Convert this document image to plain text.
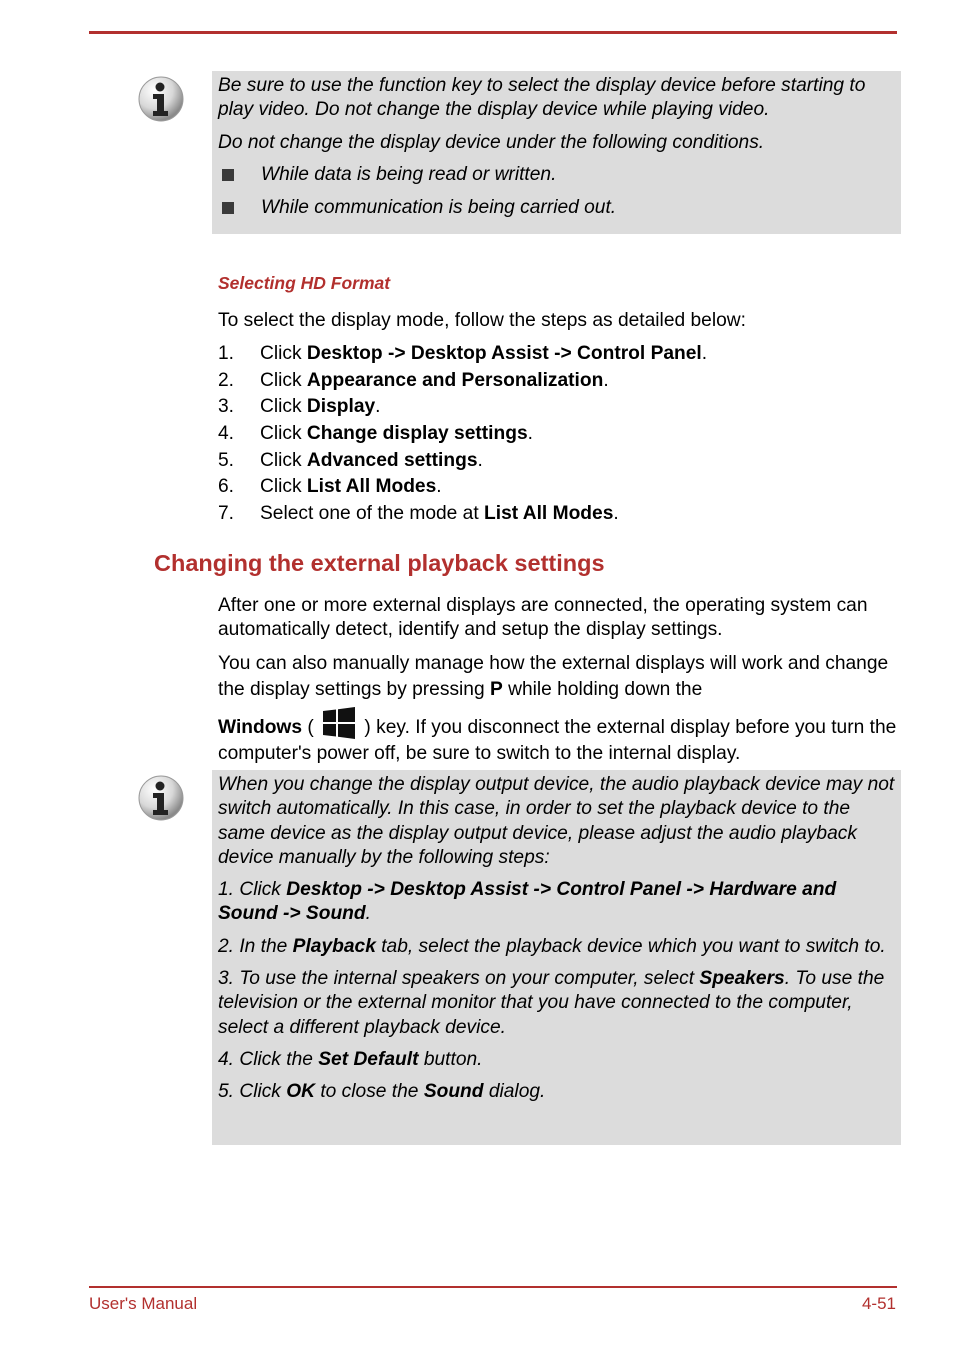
Be sure to use the function key to select the display device before starting to play video. Do not change the display device while playing video.

Do not change the display device under the following conditions.

While data is being read or written.
While communication is being carried out.
Selecting HD Format
To select the display mode, follow the steps as detailed below:
1. Click Desktop -> Desktop Assist -> Control Panel.
2. Click Appearance and Personalization.
3. Click Display.
4. Click Change display settings.
5. Click Advanced settings.
6. Click List All Modes.
7. Select one of the mode at List All Modes.
Changing the external playback settings
After one or more external displays are connected, the operating system can automatically detect, identify and setup the display settings.
You can also manually manage how the external displays will work and change the display settings by pressing P while holding down the
Windows (  ) key. If you disconnect the external display before you turn the computer's power off, be sure to switch to the internal display.

When you change the display output device, the audio playback device may not switch automatically. In this case, in order to set the playback device to the same device as the display output device, please adjust the audio playback device manually by the following steps:

1. Click Desktop -> Desktop Assist -> Control Panel -> Hardware and Sound -> Sound.

2. In the Playback tab, select the playback device which you want to switch to.

3. To use the internal speakers on your computer, select Speakers. To use the television or the external monitor that you have connected to the computer, select a different playback device.

4. Click the Set Default button.

5. Click OK to close the Sound dialog.

User's Manual	4-51
